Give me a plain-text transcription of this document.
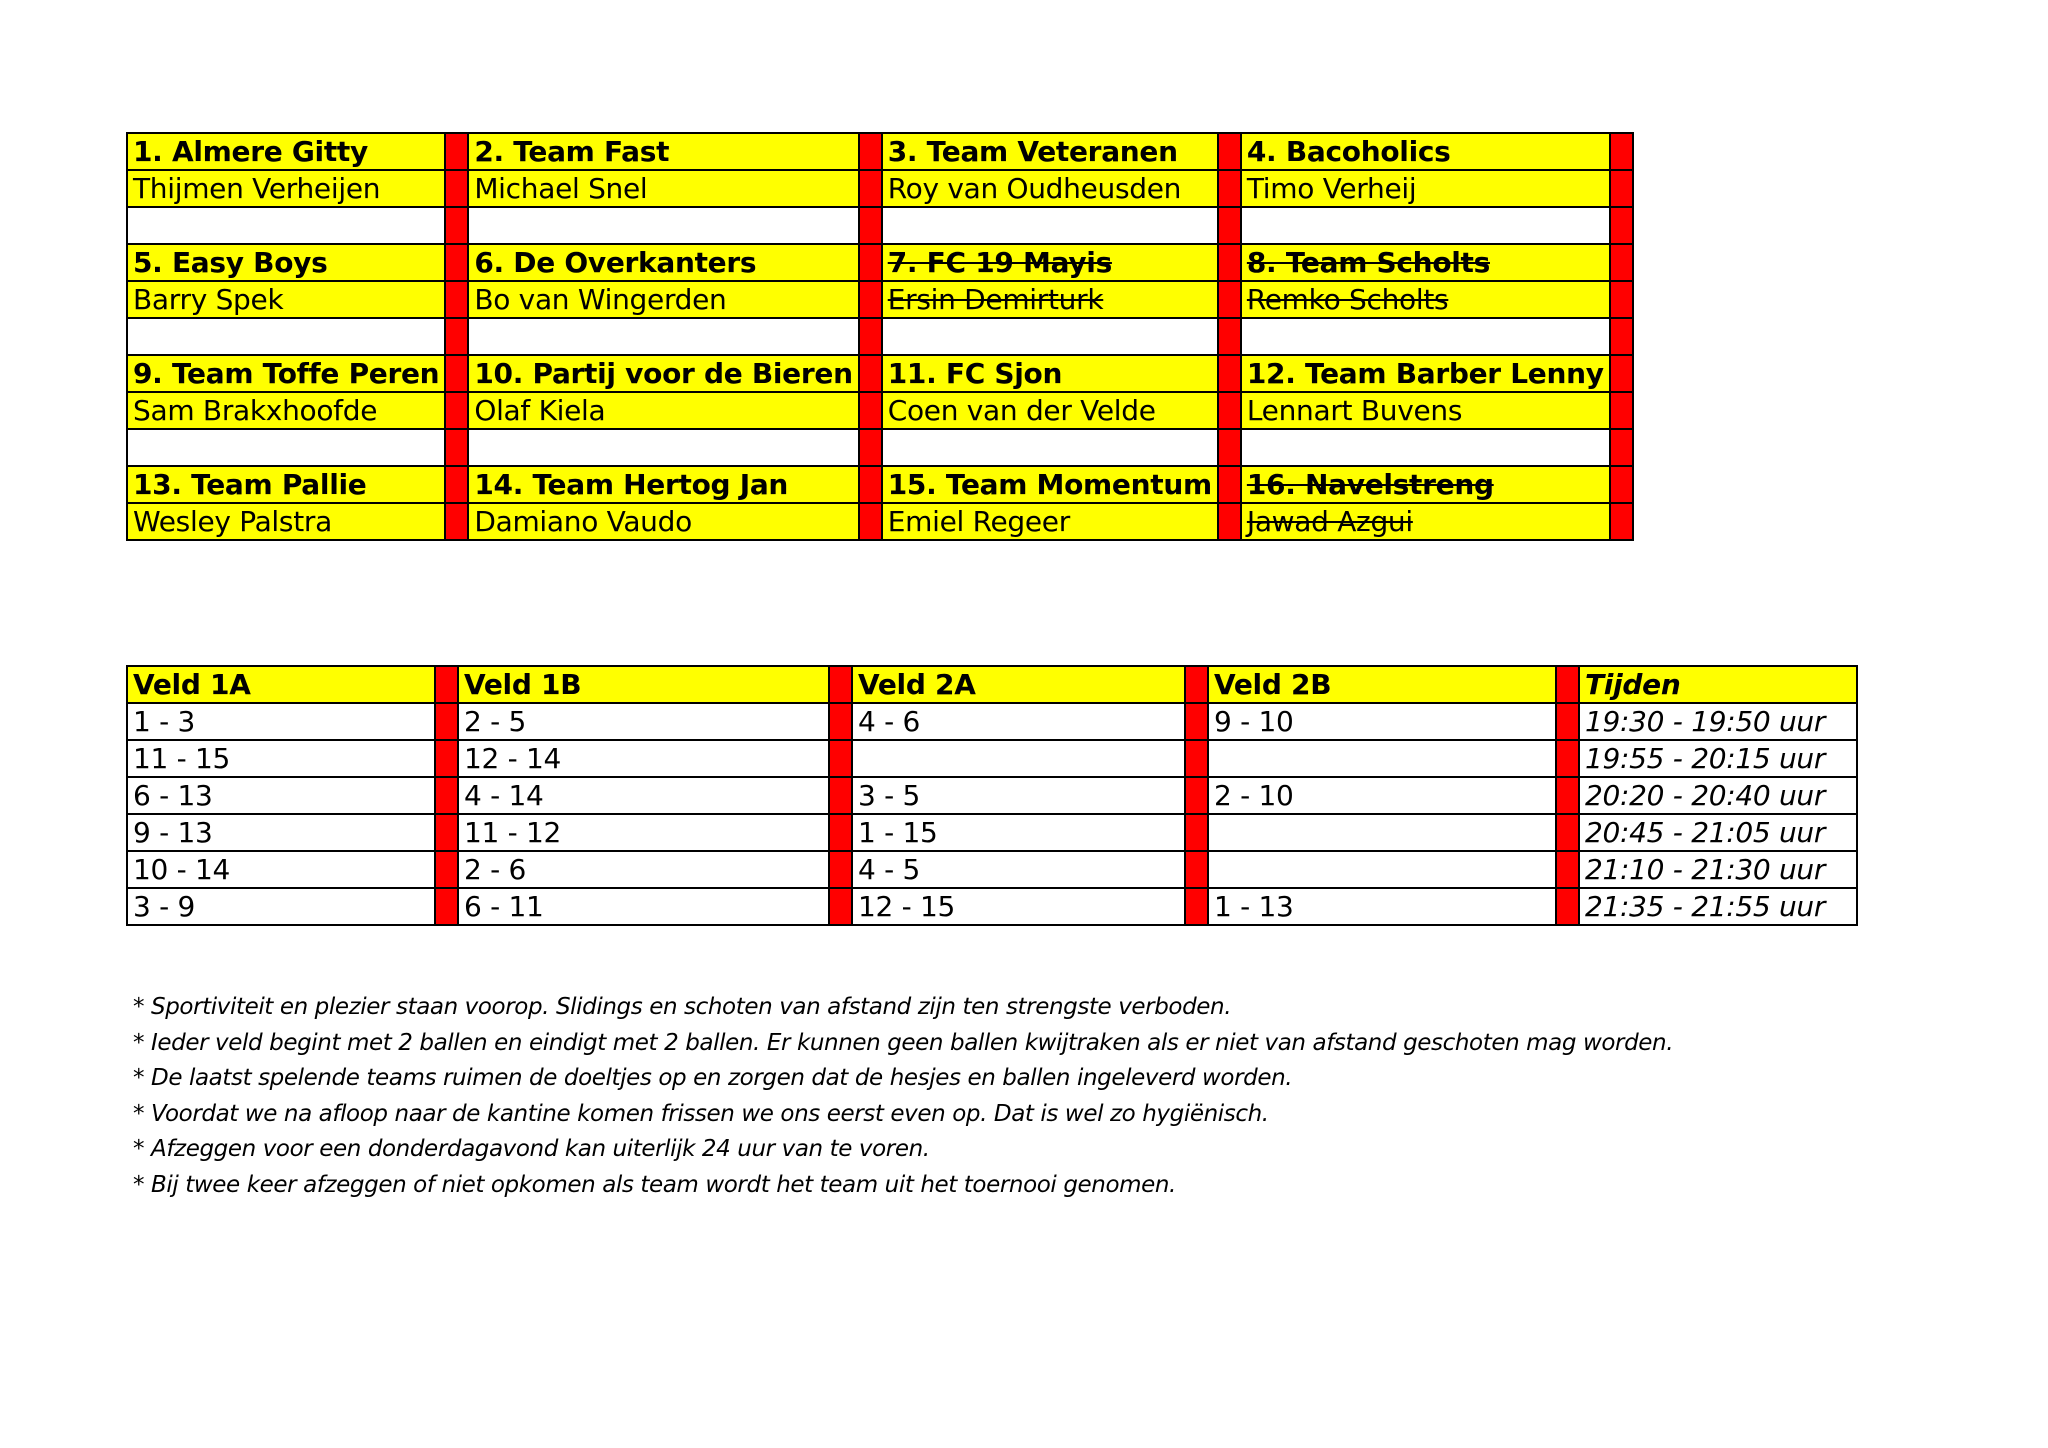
1. Almere Gitty		2. Team Fast		3. Team Veteranen		4. Bacoholics	
Thijmen Verheijen		Michael Snel		Roy van Oudheusden		Timo Verheij	

5. Easy Boys		6. De Overkanters		7. FC 19 Mayis		8. Team Scholts	
Barry Spek		Bo van Wingerden		Ersin Demirturk		Remko Scholts	

9. Team Toffe Peren		10. Partij voor de Bieren		11. FC Sjon		12. Team Barber Lenny	
Sam Brakxhoofde		Olaf Kiela		Coen van der Velde		Lennart Buvens	

13. Team Pallie		14. Team Hertog Jan		15. Team Momentum		16. Navelstreng	
Wesley Palstra		Damiano Vaudo		Emiel Regeer		Jawad Azgui	
Veld 1A		Veld 1B		Veld 2A		Veld 2B		Tijden
1 - 3		2 - 5		4 - 6		9 - 10		19:30 - 19:50 uur
11 - 15		12 - 14						19:55 - 20:15 uur
6 - 13		4 - 14		3 - 5		2 - 10		20:20 - 20:40 uur
9 - 13		11 - 12		1 - 15				20:45 - 21:05 uur
10 - 14		2 - 6		4 - 5				21:10 - 21:30 uur
3 - 9		6 - 11		12 - 15		1 - 13		21:35 - 21:55 uur
* Sportiviteit en plezier staan voorop. Slidings en schoten van afstand zijn ten strengste verboden.
* Ieder veld begint met 2 ballen en eindigt met 2 ballen. Er kunnen geen ballen kwijtraken als er niet van afstand geschoten mag worden.
* De laatst spelende teams ruimen de doeltjes op en zorgen dat de hesjes en ballen ingeleverd worden.
* Voordat we na afloop naar de kantine komen frissen we ons eerst even op. Dat is wel zo hygiënisch.
* Afzeggen voor een donderdagavond kan uiterlijk 24 uur van te voren.
* Bij twee keer afzeggen of niet opkomen als team wordt het team uit het toernooi genomen.
